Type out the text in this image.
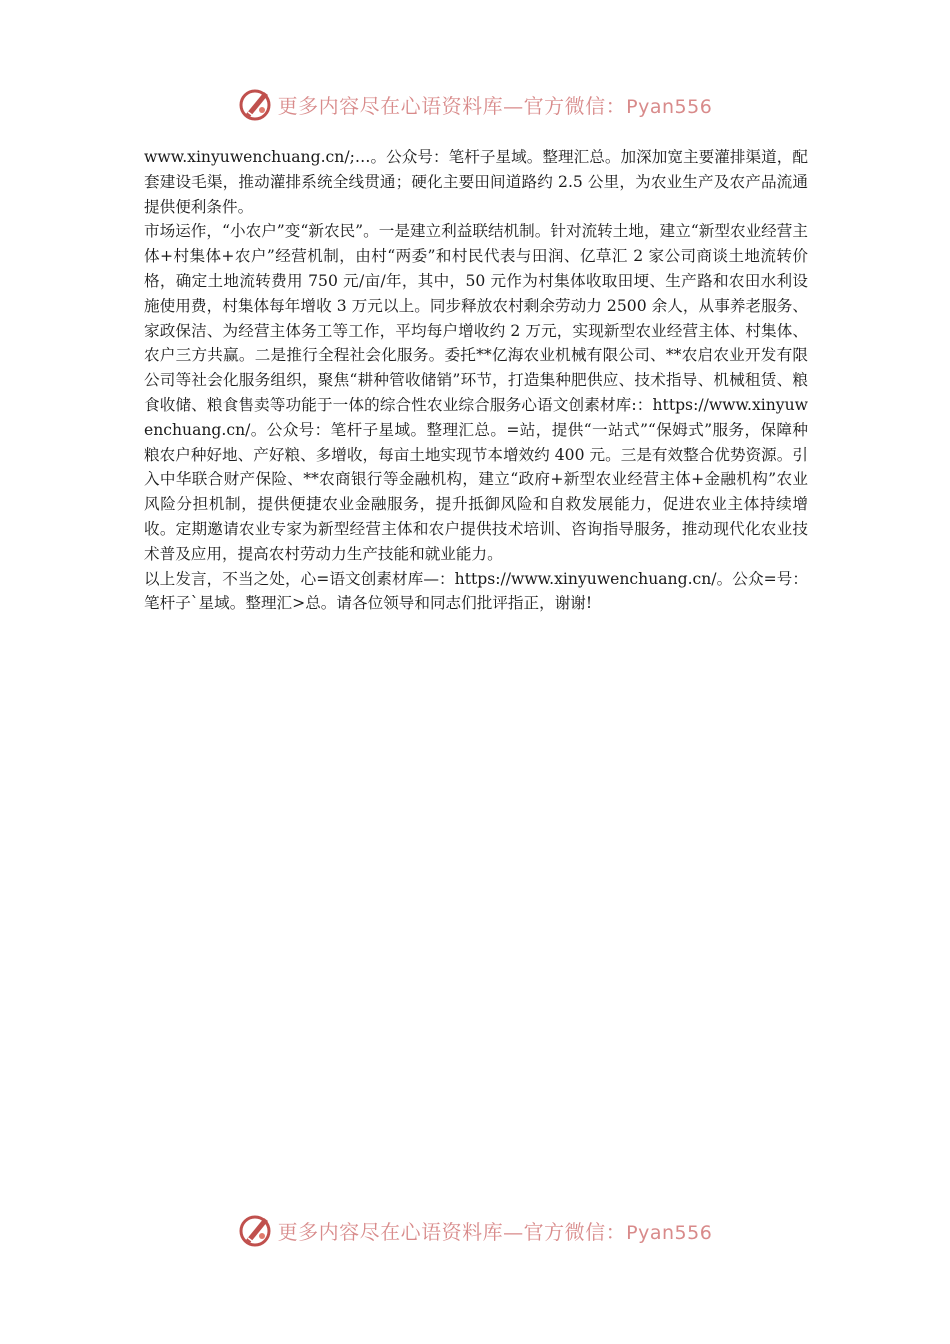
更多内容尽在心语资料库—官方微信：Pyan556

www.xinyuwenchuang.cn/;…。公众号：笔杆子星域。整理汇总。加深加宽主要灌排渠道，配套建设毛渠，推动灌排系统全线贯通；硬化主要田间道路约 2.5 公里，为农业生产及农产品流通提供便利条件。

市场运作，“小农户”变“新农民”。一是建立利益联结机制。针对流转土地，建立“新型农业经营主体+村集体+农户”经营机制，由村“两委”和村民代表与田润、亿草汇 2 家公司商谈土地流转价格，确定土地流转费用 750 元/亩/年，其中，50 元作为村集体收取田埂、生产路和农田水利设施使用费，村集体每年增收 3 万元以上。同步释放农村剩余劳动力 2500 余人，从事养老服务、家政保洁、为经营主体务工等工作，平均每户增收约 2 万元，实现新型农业经营主体、村集体、农户三方共赢。二是推行全程社会化服务。委托**亿海农业机械有限公司、**农启农业开发有限公司等社会化服务组织，聚焦“耕种管收储销”环节，打造集种肥供应、技术指导、机械租赁、粮食收储、粮食售卖等功能于一体的综合性农业综合服务心语文创素材库:：https://www.xinyuwenchuang.cn/。公众号：笔杆子星域。整理汇总。=站，提供“一站式”“保姆式”服务，保障种粮农户种好地、产好粮、多增收，每亩土地实现节本增效约 400 元。三是有效整合优势资源。引入中华联合财产保险、**农商银行等金融机构，建立“政府+新型农业经营主体+金融机构”农业风险分担机制，提供便捷农业金融服务，提升抵御风险和自救发展能力，促进农业主体持续增收。定期邀请农业专家为新型经营主体和农户提供技术培训、咨询指导服务，推动现代化农业技术普及应用，提高农村劳动力生产技能和就业能力。

以上发言，不当之处，心=语文创素材库—：https://www.xinyuwenchuang.cn/。公众=号：笔杆子`星域。整理汇>总。请各位领导和同志们批评指正，谢谢!

更多内容尽在心语资料库—官方微信：Pyan556
